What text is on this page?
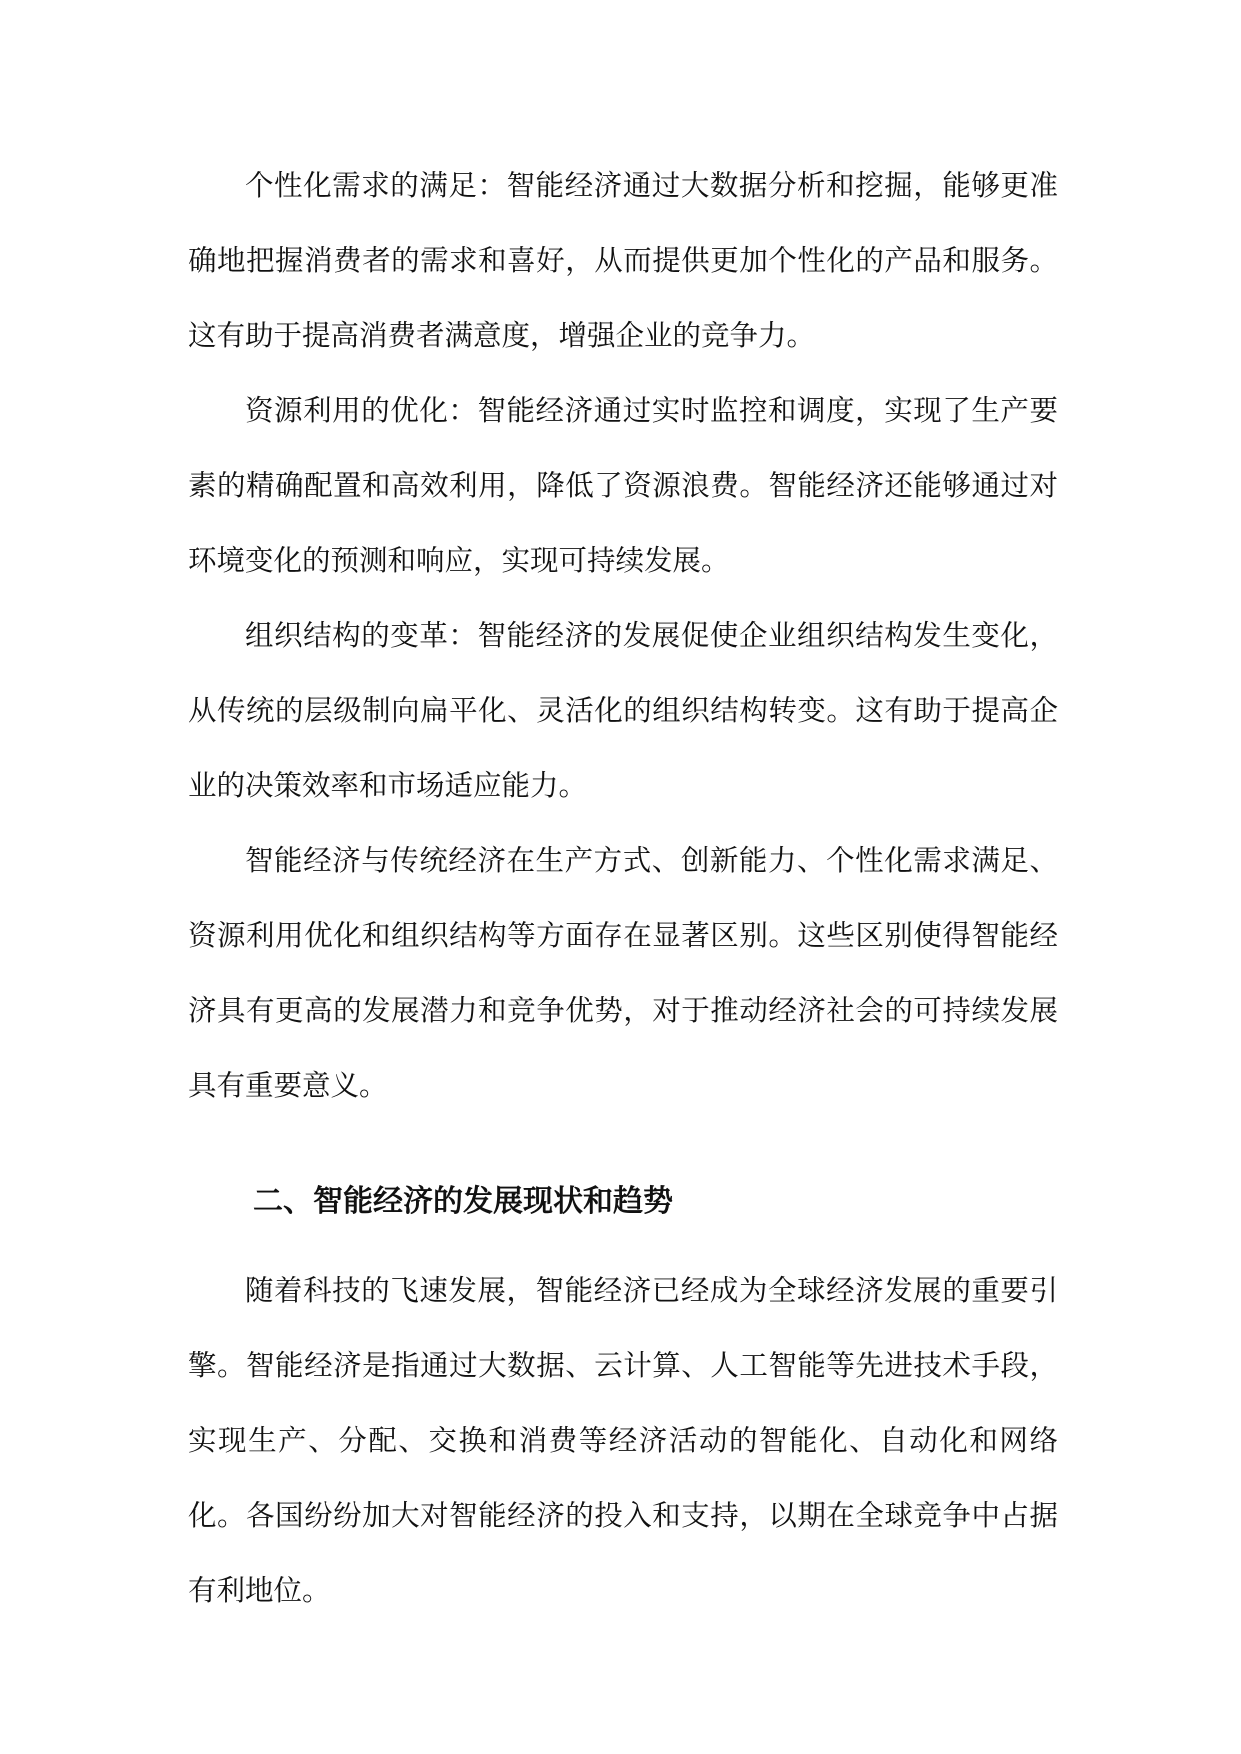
个性化需求的满足：智能经济通过大数据分析和挖掘，能够更准确地把握消费者的需求和喜好，从而提供更加个性化的产品和服务。这有助于提高消费者满意度，增强企业的竞争力。

资源利用的优化：智能经济通过实时监控和调度，实现了生产要素的精确配置和高效利用，降低了资源浪费。智能经济还能够通过对环境变化的预测和响应，实现可持续发展。

组织结构的变革：智能经济的发展促使企业组织结构发生变化，从传统的层级制向扁平化、灵活化的组织结构转变。这有助于提高企业的决策效率和市场适应能力。

智能经济与传统经济在生产方式、创新能力、个性化需求满足、资源利用优化和组织结构等方面存在显著区别。这些区别使得智能经济具有更高的发展潜力和竞争优势，对于推动经济社会的可持续发展具有重要意义。

二、智能经济的发展现状和趋势

随着科技的飞速发展，智能经济已经成为全球经济发展的重要引擎。智能经济是指通过大数据、云计算、人工智能等先进技术手段，实现生产、分配、交换和消费等经济活动的智能化、自动化和网络化。各国纷纷加大对智能经济的投入和支持，以期在全球竞争中占据有利地位。
